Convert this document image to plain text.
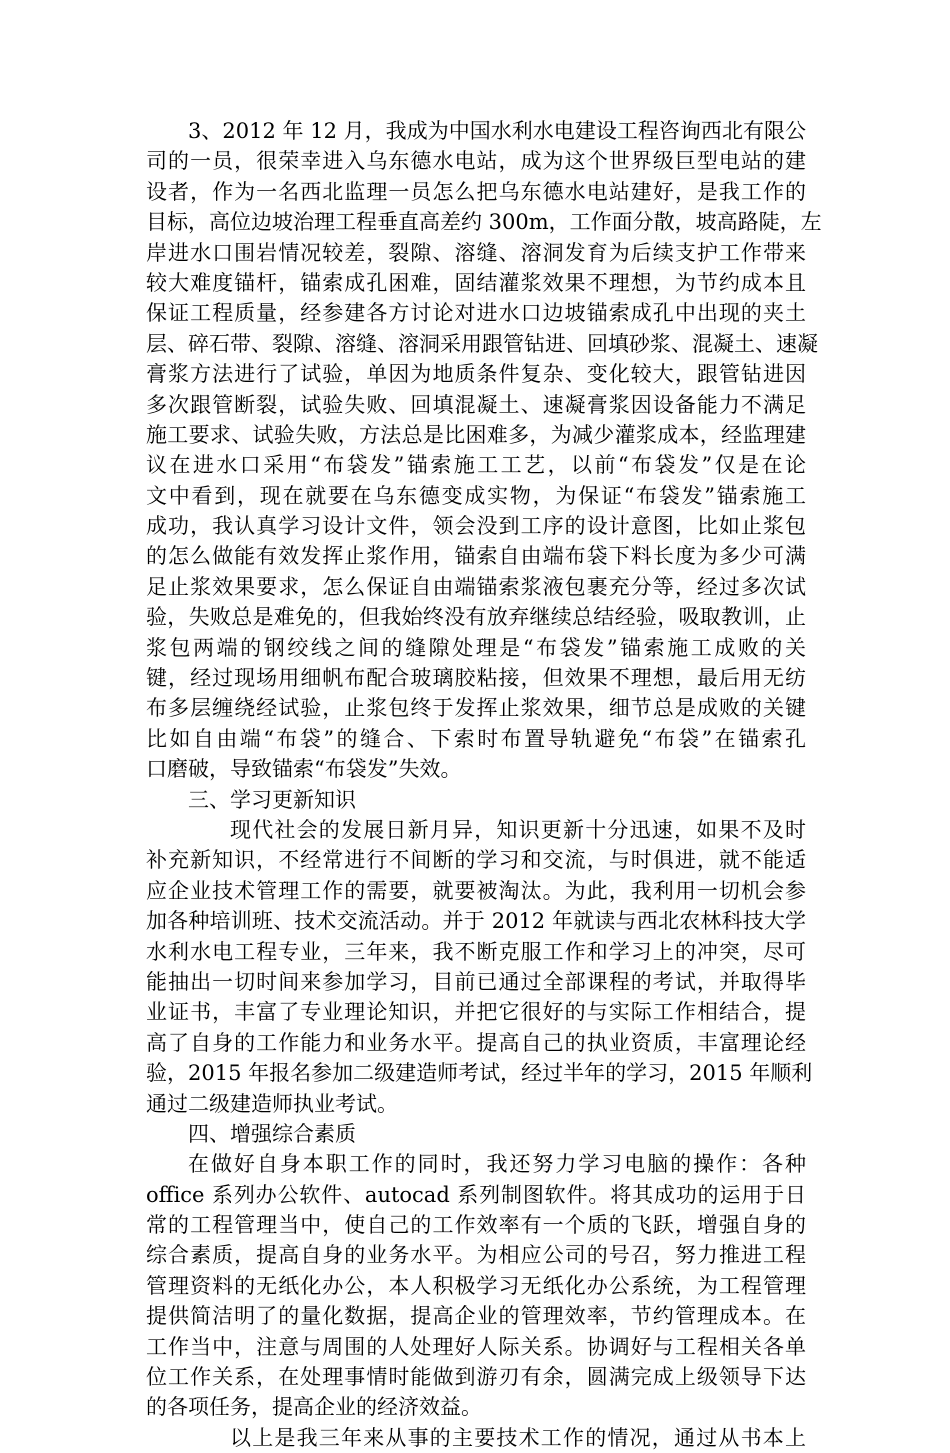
3、2012 年 12 月，我成为中国水利水电建设工程咨询西北有限公
司的一员，很荣幸进入乌东德水电站，成为这个世界级巨型电站的建
设者，作为一名西北监理一员怎么把乌东德水电站建好，是我工作的
目标，高位边坡治理工程垂直高差约 300m，工作面分散，坡高路陡，左
岸进水口围岩情况较差，裂隙、溶缝、溶洞发育为后续支护工作带来
较大难度锚杆，锚索成孔困难，固结灌浆效果不理想，为节约成本且
保证工程质量，经参建各方讨论对进水口边坡锚索成孔中出现的夹土
层、碎石带、裂隙、溶缝、溶洞采用跟管钻进、回填砂浆、混凝土、速凝
膏浆方法进行了试验，单因为地质条件复杂、变化较大，跟管钻进因
多次跟管断裂，试验失败、回填混凝土、速凝膏浆因设备能力不满足
施工要求、试验失败，方法总是比困难多，为减少灌浆成本，经监理建
议在进水口采用“布袋发”锚索施工工艺，以前“布袋发”仅是在论
文中看到，现在就要在乌东德变成实物，为保证“布袋发”锚索施工
成功，我认真学习设计文件，领会没到工序的设计意图，比如止浆包
的怎么做能有效发挥止浆作用，锚索自由端布袋下料长度为多少可满
足止浆效果要求，怎么保证自由端锚索浆液包裹充分等，经过多次试
验，失败总是难免的，但我始终没有放弃继续总结经验，吸取教训，止
浆包两端的钢绞线之间的缝隙处理是“布袋发”锚索施工成败的关
键，经过现场用细帆布配合玻璃胶粘接，但效果不理想，最后用无纺
布多层缠绕经试验，止浆包终于发挥止浆效果，细节总是成败的关键
比如自由端“布袋”的缝合、下索时布置导轨避免“布袋”在锚索孔
口磨破，导致锚索“布袋发”失效。
三、学习更新知识
现代社会的发展日新月异，知识更新十分迅速，如果不及时
补充新知识，不经常进行不间断的学习和交流，与时俱进，就不能适
应企业技术管理工作的需要，就要被淘汰。为此，我利用一切机会参
加各种培训班、技术交流活动。并于 2012 年就读与西北农林科技大学
水利水电工程专业，三年来，我不断克服工作和学习上的冲突，尽可
能抽出一切时间来参加学习，目前已通过全部课程的考试，并取得毕
业证书，丰富了专业理论知识，并把它很好的与实际工作相结合，提
高了自身的工作能力和业务水平。提高自己的执业资质，丰富理论经
验，2015 年报名参加二级建造师考试，经过半年的学习，2015 年顺利
通过二级建造师执业考试。
四、增强综合素质
在做好自身本职工作的同时，我还努力学习电脑的操作：各种
office 系列办公软件、autocad 系列制图软件。将其成功的运用于日
常的工程管理当中，使自己的工作效率有一个质的飞跃，增强自身的
综合素质，提高自身的业务水平。为相应公司的号召，努力推进工程
管理资料的无纸化办公，本人积极学习无纸化办公系统，为工程管理
提供简洁明了的量化数据，提高企业的管理效率，节约管理成本。在
工作当中，注意与周围的人处理好人际关系。协调好与工程相关各单
位工作关系，在处理事情时能做到游刃有余，圆满完成上级领导下达
的各项任务，提高企业的经济效益。
以上是我三年来从事的主要技术工作的情况，通过从书本上
